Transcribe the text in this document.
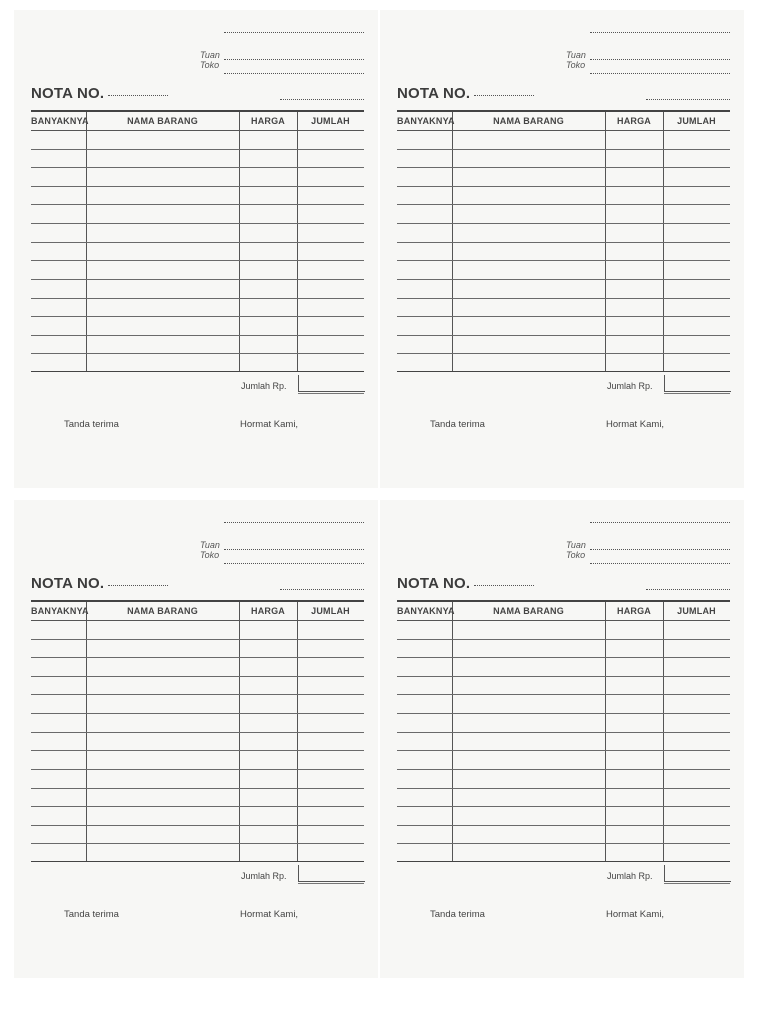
Tuan
Toko
NOTA NO.
BANYAKNYA	NAMA BARANG	HARGA	JUMLAH
Jumlah Rp.
Tanda terima	Hormat Kami,
Tuan
Toko
NOTA NO.
BANYAKNYA	NAMA BARANG	HARGA	JUMLAH
Jumlah Rp.
Tanda terima	Hormat Kami,
Tuan
Toko
NOTA NO.
BANYAKNYA	NAMA BARANG	HARGA	JUMLAH
Jumlah Rp.
Tanda terima	Hormat Kami,
Tuan
Toko
NOTA NO.
BANYAKNYA	NAMA BARANG	HARGA	JUMLAH
Jumlah Rp.
Tanda terima	Hormat Kami,
